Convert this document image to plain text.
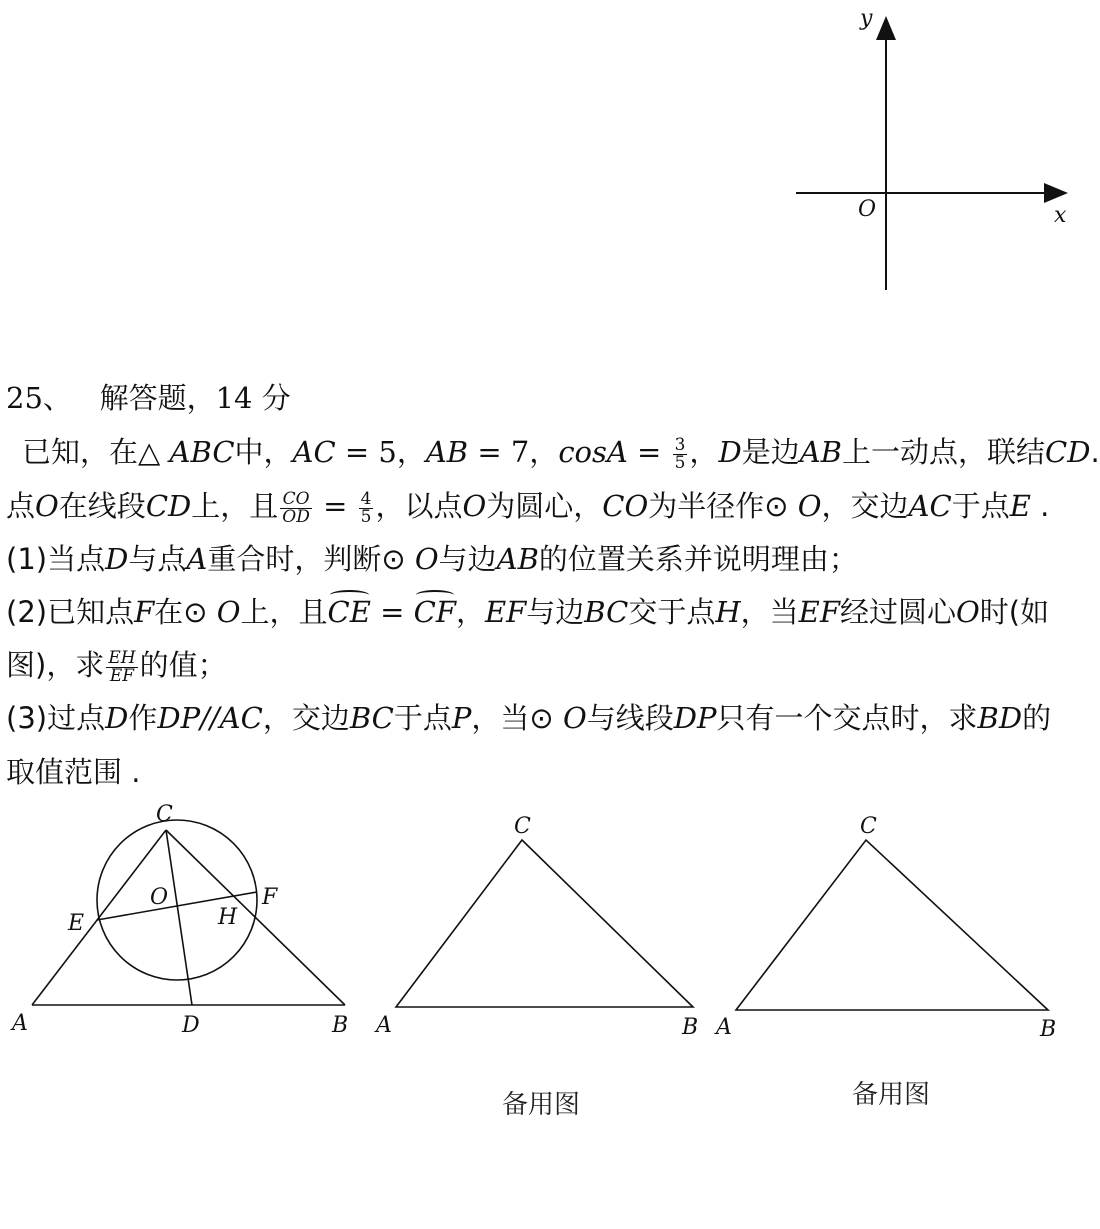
y
x
O
25、 解答题，14 分
已知，在△ ABC中，AC = 5，AB = 7，$\cos A = \frac{3}{5}$ ，D是边AB上一动点，联结CD.
点O在线段CD上，且 $\frac{CO}{OD} = \frac{4}{5}$ ，以点O为圆心，CO为半径作⊙ O，交边AC于点E .
(1)当点D与点A重合时，判断⊙ O与边AB的位置关系并说明理由；
(2)已知点F在⊙ O上，且CE = CF，EF与边BC交于点H，当EF经过圆心O时(如
图)，求 $\frac{EH}{EF}$ 的值；
(3)过点D作DP//AC，交边BC于点P，当⊙ O与线段DP只有一个交点时，求BD的
取值范围 .
C
O	F
E	H
A	D	B
C
A	B
备用图
C
A	B
备用图
